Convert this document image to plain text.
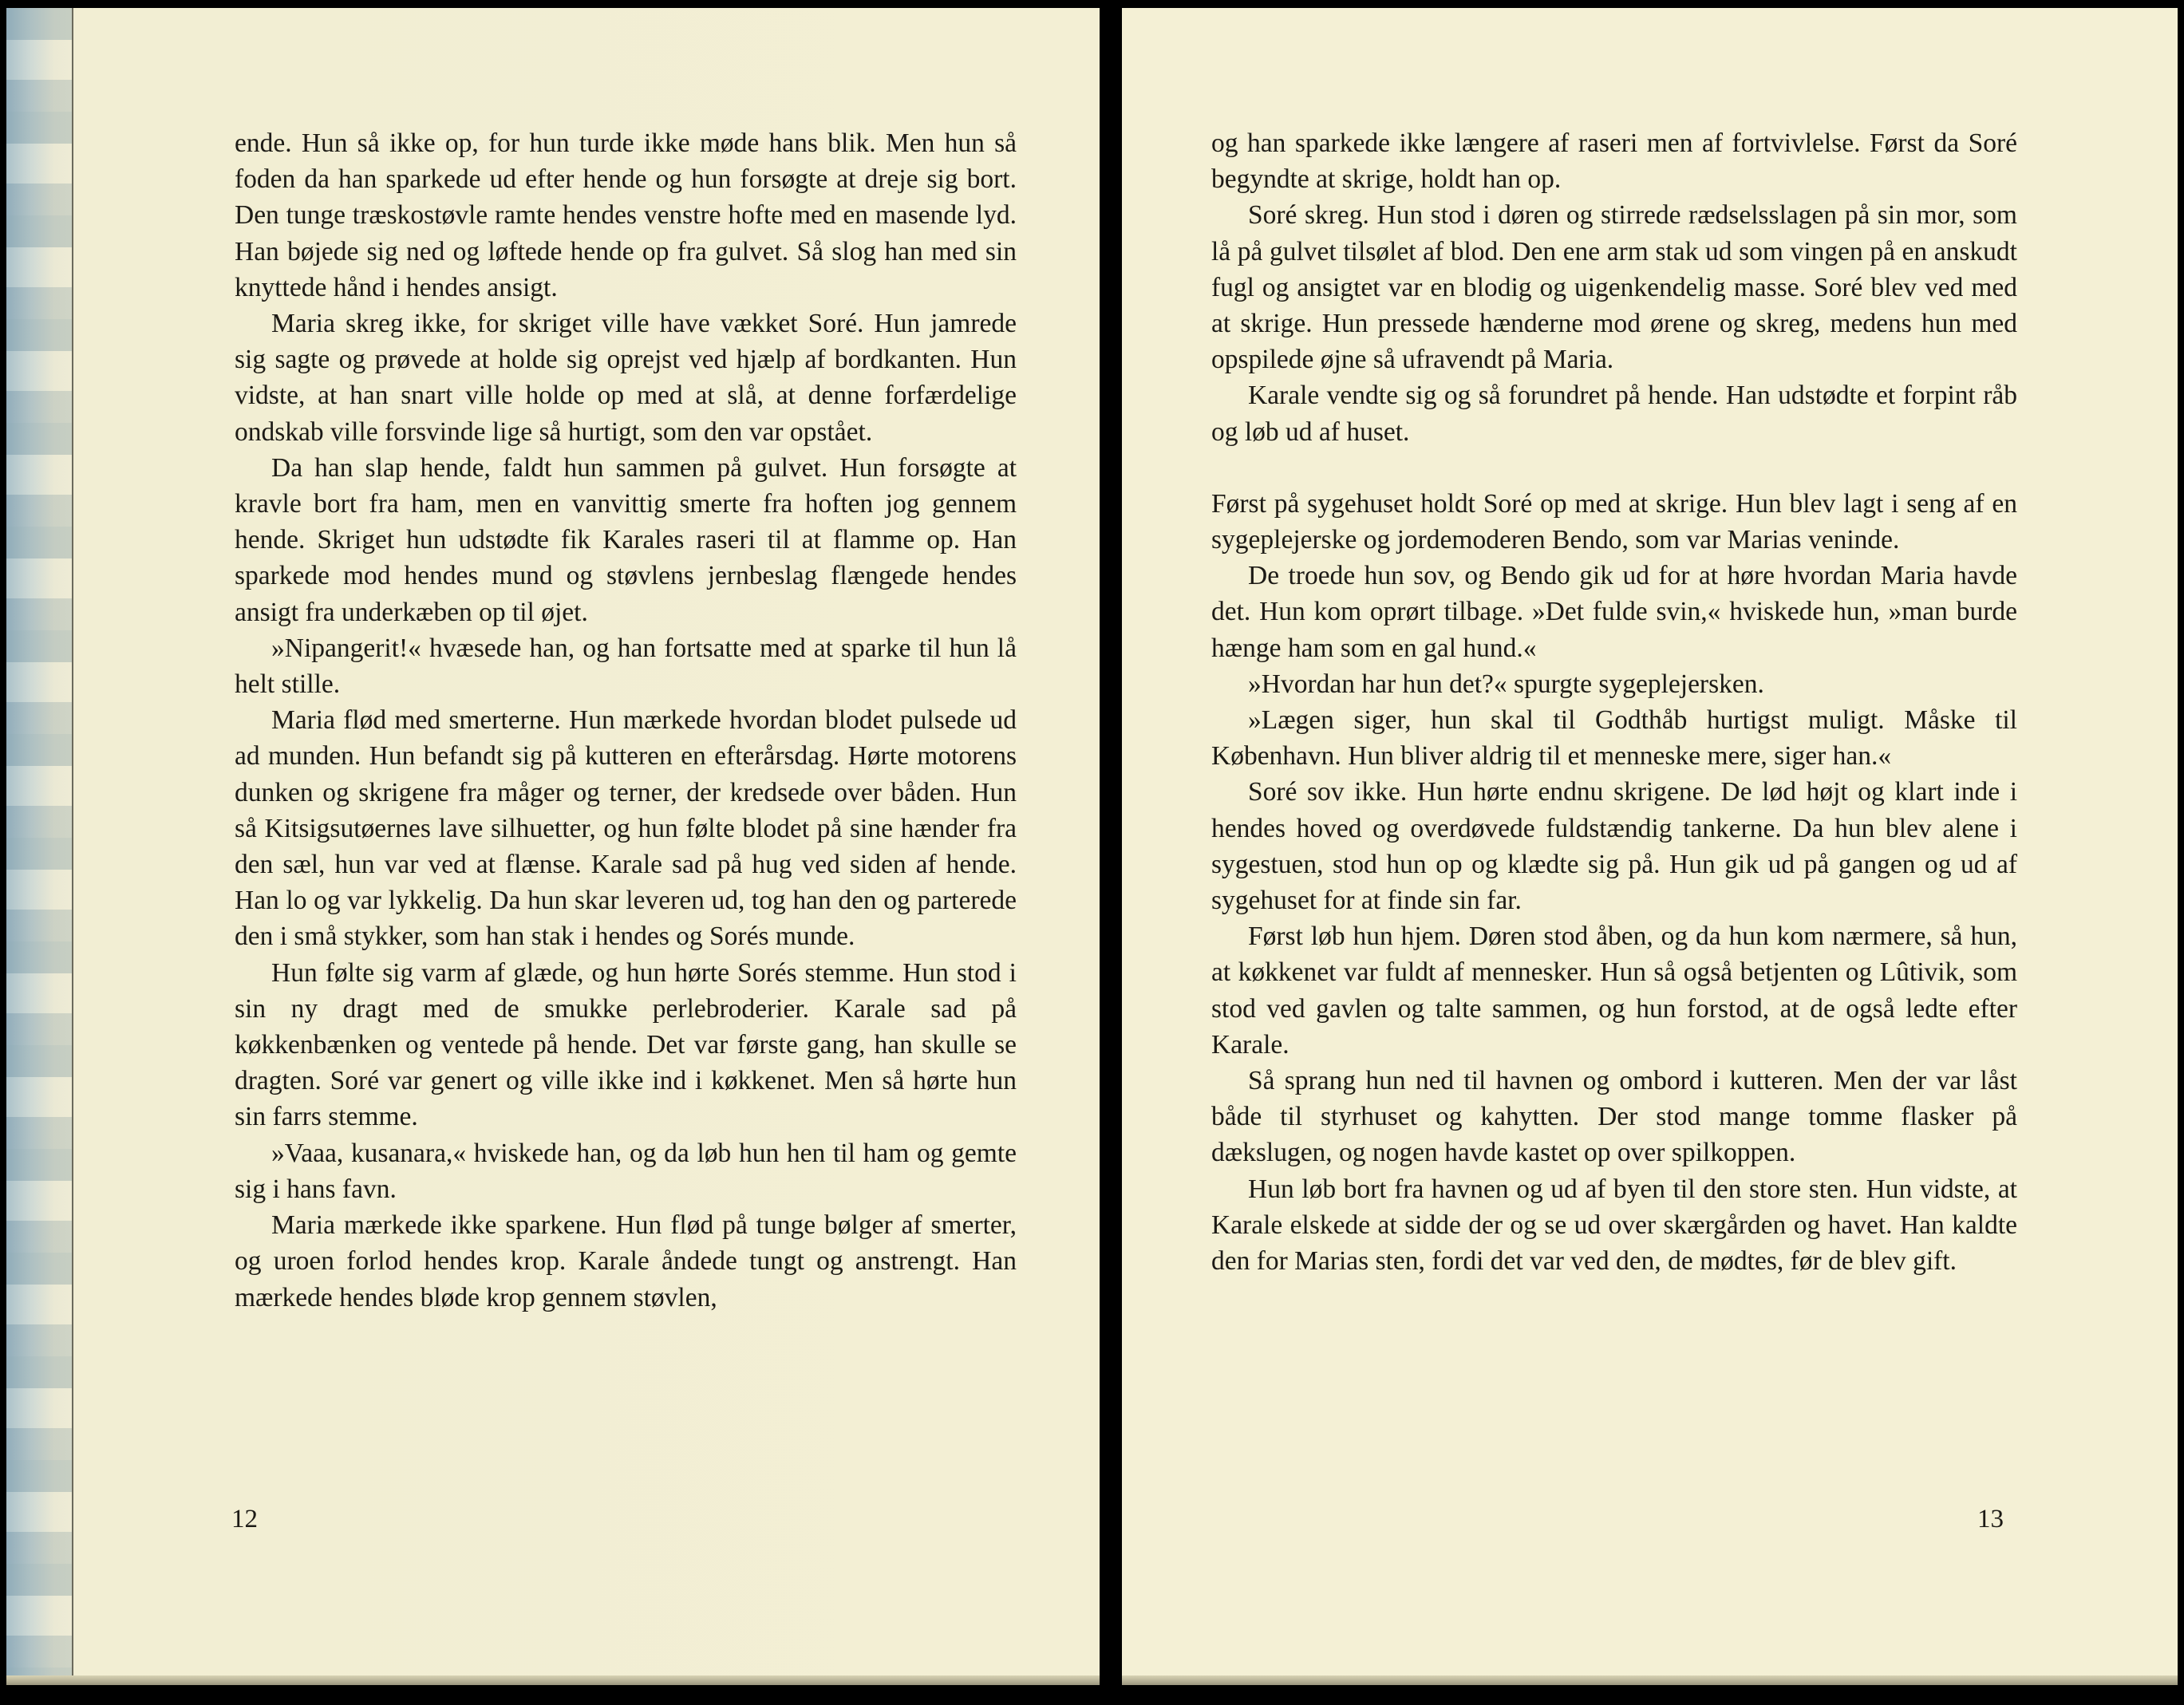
ende. Hun så ikke op, for hun turde ikke møde hans blik. Men hun så foden da han sparkede ud efter hende og hun forsøgte at dreje sig bort. Den tunge træskostøvle ramte hendes venstre hofte med en masende lyd. Han bøjede sig ned og løftede hende op fra gulvet. Så slog han med sin knyttede hånd i hendes ansigt.

Maria skreg ikke, for skriget ville have vækket Soré. Hun jamrede sig sagte og prøvede at holde sig oprejst ved hjælp af bordkanten. Hun vidste, at han snart ville holde op med at slå, at denne forfærdelige ondskab ville forsvinde lige så hurtigt, som den var opstået.

Da han slap hende, faldt hun sammen på gulvet. Hun forsøgte at kravle bort fra ham, men en vanvittig smerte fra hoften jog gennem hende. Skriget hun udstødte fik Karales raseri til at flamme op. Han sparkede mod hendes mund og støvlens jernbeslag flængede hendes ansigt fra underkæben op til øjet.

»Nipangerit!« hvæsede han, og han fortsatte med at sparke til hun lå helt stille.

Maria flød med smerterne. Hun mærkede hvordan blodet pulsede ud ad munden. Hun befandt sig på kutteren en efterårsdag. Hørte motorens dunken og skrigene fra måger og terner, der kredsede over båden. Hun så Kitsigsutøernes lave silhuetter, og hun følte blodet på sine hænder fra den sæl, hun var ved at flænse. Karale sad på hug ved siden af hende. Han lo og var lykkelig. Da hun skar leveren ud, tog han den og parterede den i små stykker, som han stak i hendes og Sorés munde.

Hun følte sig varm af glæde, og hun hørte Sorés stemme. Hun stod i sin ny dragt med de smukke perlebroderier. Karale sad på køkkenbænken og ventede på hende. Det var første gang, han skulle se dragten. Soré var genert og ville ikke ind i køkkenet. Men så hørte hun sin farrs stemme.

»Vaaa, kusanara,« hviskede han, og da løb hun hen til ham og gemte sig i hans favn.

Maria mærkede ikke sparkene. Hun flød på tunge bølger af smerter, og uroen forlod hendes krop. Karale åndede tungt og anstrengt. Han mærkede hendes bløde krop gennem støvlen,

12

og han sparkede ikke længere af raseri men af fortvivlelse. Først da Soré begyndte at skrige, holdt han op.

Soré skreg. Hun stod i døren og stirrede rædselsslagen på sin mor, som lå på gulvet tilsølet af blod. Den ene arm stak ud som vingen på en anskudt fugl og ansigtet var en blodig og uigenkendelig masse. Soré blev ved med at skrige. Hun pressede hænderne mod ørene og skreg, medens hun med opspilede øjne så ufravendt på Maria.

Karale vendte sig og så forundret på hende. Han udstødte et forpint råb og løb ud af huset.

Først på sygehuset holdt Soré op med at skrige. Hun blev lagt i seng af en sygeplejerske og jordemoderen Bendo, som var Marias veninde.

De troede hun sov, og Bendo gik ud for at høre hvordan Maria havde det. Hun kom oprørt tilbage. »Det fulde svin,« hviskede hun, »man burde hænge ham som en gal hund.«

»Hvordan har hun det?« spurgte sygeplejersken.

»Lægen siger, hun skal til Godthåb hurtigst muligt. Måske til København. Hun bliver aldrig til et menneske mere, siger han.«

Soré sov ikke. Hun hørte endnu skrigene. De lød højt og klart inde i hendes hoved og overdøvede fuldstændig tankerne. Da hun blev alene i sygestuen, stod hun op og klædte sig på. Hun gik ud på gangen og ud af sygehuset for at finde sin far.

Først løb hun hjem. Døren stod åben, og da hun kom nærmere, så hun, at køkkenet var fuldt af mennesker. Hun så også betjenten og Lûtivik, som stod ved gavlen og talte sammen, og hun forstod, at de også ledte efter Karale.

Så sprang hun ned til havnen og ombord i kutteren. Men der var låst både til styrhuset og kahytten. Der stod mange tomme flasker på dækslugen, og nogen havde kastet op over spilkoppen.

Hun løb bort fra havnen og ud af byen til den store sten. Hun vidste, at Karale elskede at sidde der og se ud over skærgården og havet. Han kaldte den for Marias sten, fordi det var ved den, de mødtes, før de blev gift.

13
